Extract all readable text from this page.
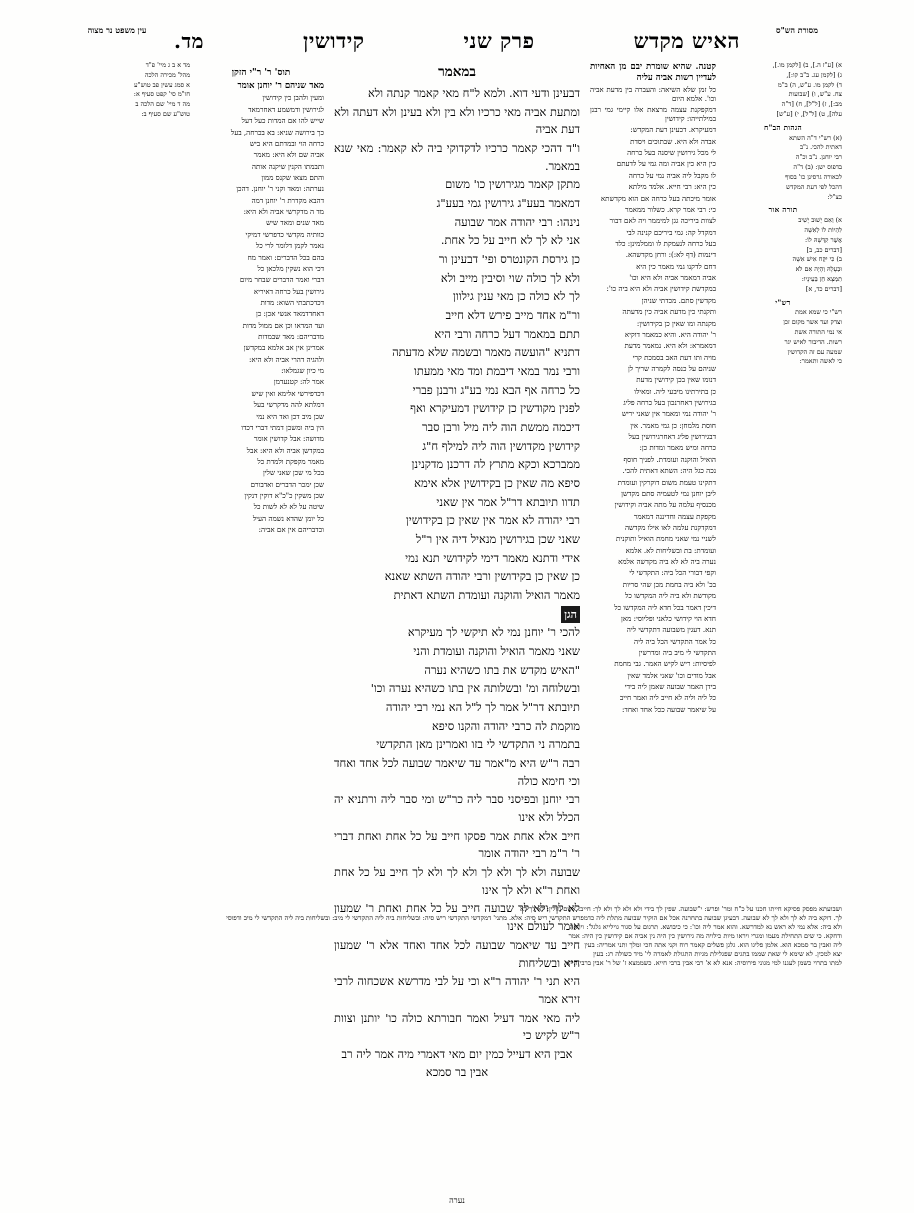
מסורת הש"ס
עין משפט נר מצוה	האיש מקדש
פרק שני
קידושין
מד.

א) [ע"ז ה.], ב) [לקמן מו.],

ג) [לקמן עג. ב"ב קו:],

ד) לקמן מו. ע"ש, ה) ב"מ

צח. ע"ש, ו) [שבועות

מב:], ז) [ל"ל], ח) [ד"ה

עלה], ט) [ל"ל], י) [ע"ש]

הגהות הב"ח

(א) רש"י ד"ה השתא

דאתית להכי. נ"ב

רבי יוחנן. נ"ב וכ"ה

בדפוס ישן: (ב) ד"ה

לכאורה גרסינן כו' בסוף

דהכל לפי דעת המקדש

כצ"ל:

תורה אור

א) וְאִם יָשׁוּב יָשִׁיב

לִהְיוֹת לוֹ לְאִשָּׁה

אֲשֶׁר קִדְּשָׁהּ לוֹ:

[דברים כב, ב]

ב) כִּי יִקַּח אִישׁ אִשָּׁה

וּבְעָלָהּ וְהָיָה אִם לֹא

תִמְצָא חֵן בְּעֵינָיו:

[דברים כד, א]

רש"י

רש"י כי שמא אמת

וצדק ועד אשר מקום זכן

אי נמי התורה אשת

רשות. הדיבור לאיש יגר

שמעה עם זה הקדושין

כי לאשה ותאמר:

קטנה. שהיא שומרת יבם מן האחיות לעדיין רשות אביה עליה

כל זמן שלא השיאה: והעברה בין מדעת אביה וכו'. אלמא היום

דמקפקנת עצמה מרצאת אלו קיימי גמי רבנן במילתייהו: קידושין

דמעיקרא. דכעינן דעת המקדש:

אבדה ולא היא. שבתוכים ויסדת

לי מכל גירושין שיסנה בעל כרחה

כין היא כין אביה ומה גמי על לדעתם

לו מקבל ליה אביה נמי על כרחה

כין היא: רבי חייא. אלמד מילתא

אומר מיכתה בעל כרחה אם הוא מקדשתא

כי: רבי אמר קרא. כשלור ממאמר

לצוות ביריכה גגן למיממר ויה לאם דבור

דמקדל קה: גמי ביריכם קנינה לבי

בעל כרחה לנעמקת לו וממלמינן: כלד

דינמות (דף לא:): ורחן מקדשהא.

דחם לדקנו גמי מאמר כין היא

אביה דמאמר אביה ולא היא וכו'

במקדשת קידושין אביה ולא היא ביה כו':

מקדשין סתם. מכדתי שניהן

ותקנתי כין מדעת אביה כין מדעתה

מקנתה ומו שאין כן בקידושין:

ר' יהודה היא. והיא כמאמר דוקיא

דמאמרא: ולא היא. נמאמר מדעת

מויה ותו דעת האב בסמכת קרי

שניהם על כנסה לקמרה שריך לן

דנומו שאין בכן קידושין מדעת

כן בתירתינו מיבעי ליה. ומאילו

בגירושין דאחרנכון בעל כרחה פליג

ר' יהודה נמי ומאמר אין שאני יריש

חוסת מלמחן: כן גמי מאמר. אין

דבגירושין פליג דאחרגירושין בעל

כרחה ומיש מאמר ומדות כן:

הואיל והוקנה ועומדת. לפניך חוסף

נכה כגל היה: השתא דאתית להכי.

דתקינו טעמת משום דוקרקין ועומדת

ליבן יוחנן נמי לטעמיה סתם מקדשן

מכנסיף עלמה על מתה אביה וקידושין

מקפקת עצמה וחדיננה דמאמר

דמקדקנת עלמה לאו אילו מקדשה

לשניי נמי שאני מחמת הואיל ותוקנית

ועומדת: בת ובשליחות לא. אלמא

נערה ביה לא לא ביה מקדשה אלמא

וקפי דבורי הכל ביה: התקדשי לי

בכ' ולא ביה בחמת מכן שהי סריות

מקודשת ולא ביה ליה המקדשו כל

דיכין דאמר בכל חדא ליה המקדשו כל

חדא הוי קידושי כלאני ופליוסי: מאן

תנא. דעגין משבועה דתקדשי ליה

כל אמר התקדשי הכל ביה ליה

התקדשי לי מיב ביה ומדרשין

לפיסיות: ריש לקיש האמר. גבי מחמת

אבל מודים וכו' שאני אלמד שאין

בידן האמר שבועה שאמן ליה בידי

כל ליה וליה לא חייב ליה ואמר חייב

על שיאמר שבועה ככל אחד ואחד:

במאמר

דבעינן ודעי דוא. ולמא ל"ח מאי קאמר קנתה ולא

ומתעת אביה מאי כרכיו ולא בין ולא בעינן ולא דעתה ולא דעת אביה

ו"ד דהכי קאמר כרכיו לדקדוקי ביה לא קאמר: מאי שנא במאמר.

מתקן קאמר מגירושין כו' משום

דמאמר בעע"ג גירושין גמי בעע"ג

נינהו: רבי יהודה אמר שבועה

אני לא לך לא חייב על כל אחת.

כן גירסת הקונטרס ופי' דבעינן ור

ולא לך כולה שוי וסיבין מייב ולא

לך לא כולה כן מאי ענין גילוון

ור"מ אחד מייב פירש דלא חייב

תתם במאמר דעל כרחה ורבי היא

דתניא "הועשה מאמר ובשמה שלא מדעתה

ורבי נמר במאי דיבמת ומד מאי ממעתו

כל כרחה אף הבא נמי בע"ג ורבנן פברי

לפנין מקודשין כן קידושין דמעיקרא ואף

דיכמה ממשת הוה ליה מיל ורבן סבר

קידושין מקדושין הוה ליה למילף ח"ג

ממברכא וכקא מתרץ לה דרכנן מדקנינן

סיפא מה שאין כן בקידושין אלא אימא

תדוו תיובתא דר"ל אמר אין שאני

רבי יהודה לא אמר אין שאין כן בקידושין

שאני שכן בגירושין מנאיל דיה אין ר"ל

אידי ודתנא מאמר דימי לקידושי תנא נמי

כן שאין כן בקידושין ורבי יהודה השתא שאנא

מאמר הואיל והוקנה ועומדת השתא דאתית

הגן

להכי ר' יוחנן נמי לא תיקשי לך מעיקרא

שאני מאמר הואיל והוקנה ועומדת והני

"האיש מקדש את בתו כשהיא נערה

ובשלוחה ומ' ובשלותה אין בתו כשהיא נערה וכו'

תיובתא דר"ל אמר לך ל"ל הא נמי רבי יהודה

מוקמת לה כרבי יהודה והקנו סיפא

בתמרה ני התקדשי לי בזו ואמרינן מאן התקדשי

רבה ר"ש היא מ"אמר עד שיאמר שבועה לכל אחד ואחד וכי חימא כולה

רבי יוחנן ובפיסני סבר ליה כר"ש ומי סבר ליה ורתניא יה הכלל ולא אינו

חייב אלא אחת אמר פסקו חייב על כל אחת ואחת דברי ר' ר"מ רבי יהודה אומר

שבועה ולא לך ולא לך ולא לך ולא לך חייב על כל אחת ואחת ר"א ולא לך אינו

לא לך ולא לך שבועה חייב על כל אחת ואחת ר' שמעון אומר לעולם אינו

חייב עד שיאמר שבועה לכל אחד ואחד אלא ר' שמעון היא ובשליחות

היא תני ר' יהודה ר"א וכי על לבי מדרשא אשכחוה לרבי זירא אמר

ליה מאי אמר דעיל ואמר חבורתא כולה כו' יותנן וצוות ר"ש לקיש כי

אבין היא דעייל כמין יום מאי דאמרי מיה אמר ליה רב אבין בר סמכא

תוס' ר' ר"י הזקן

מאד שניהם ר' יוחנן אומר

ומעין ולהבן כין קידושין

לגירושין ודמשמע דאחרמאד

שייש להו אם המדות כעל דעל

כך בירושה שניא: בא בכרחה, בעל

כרחה הוי ובמדתם היא ביש

אביה שם ולא היא: מאמר

ותבמתו הקנין שיקנה אותה

והתם מצאו שקנס ממון

נערתה: ומאד וקני ר' יוחנן. דהכן

דהבא מקדרת ר' יוחנן דמה

מד ה מדקרשי אביה ולא היא:

מאד שנים ומאד שיש

כוותיה מקדשי כדפרשי דמיקי

נאמר לקמן דלומר לרי כל

בהם בכל הדברים: ואמר מח

דכי הוא נשקין מלכאן כל

דברי ואמר הדברים שבחר מיום

גירושין בעל כרחה דאיריא

דכדכתבתי השוא: מדות

דאחדדמאד אנשי אכן: כן

ועד המדאו וכן אם ממול מדות

מדבריהם: מאד שבמדות

אמרינן אין אב אלמא במקדשן

ולהגיה דהרי אביה ולא היא:

מי כיון שגמלאו:

אמר לה: קטנעדמן

דכדפירשי אלימא ואין שיש

דמלתא להה מדקרשי בעל

שכן מיב דכן ואד היא נמי

הין ביה ומשכן דמתי דברי דכדו

מדושה: אבל קדושין אומר

במקדשן אביה ולא היא: אבל

מאמר מקפקת ולמדת כל

בכל מי שכן שאני שלין

שכן ימכר הדברים ואדבורם

שכן משקין כ"כ"א דוקין דנקין

שיטה על לא לא לשות כל

כל יומן שהדא נשמה העיל

וכדבריהם אין אם אביה:

מד א ב ג מיי' פ"ד

מהל' מכירה הלכה

א סמג עשין פב טוש"ע

חו"מ סי' קפט סעיף א:

מה ד מיי' שם הלכה ב

טוש"ע שם סעיף ב:

ושבועתא מפסק פסיקא חייתו חכנו על כ"ח ומר' ופרש: י"שבועה. שפין לך בידי ולא ולא לך ולא לך: חייב. אשם גזולין: לא לך לא

לך. דוקא ביה לא לך ולא לך לא שבועה. דבעיגן שבועה בתחרנה אכל אם הוקיר שבועה מתלת ליה כדמפרש התקדשי ריש סיה: אלא. מתני' דמקדשי התקדשי ריש סיה: ובשליחות ביה ליה התקדשי לי מיב: ובשליחות ביה ליה התקדשי לי מיב ודפוסי

ולא ביה: אלא נמי לא ראש נא למדרשא. והוא אמר ליה וכו': כי כיבושא. תרגום על סגור גוילייא גלגל': ויראה

ודחקא. כי שים התחילת מעמו ומגרי ויראו מיות כילויה מה גירושין כין היה נין אביה אם קידושין כין היה: אמר

ליה ואבין בר סמכא הוא. אלמן פליגו הוא. גלגן פשלים קאמר רוח וקני אתה חכי ומלך ותני אמריה: בעין

יצא למכין. לא שימא לי שאת שממו בתגים שפגלילת מגיות התגולת לאמרה לי' מיד כשולה רג: בעין

למתו בתרוי כשמן לעגנו למי מגוני פירוסיה: אנא לא א' רבי אבין ברבי חייא. כשממצא ז' של ר' אבין ברבי חייא

נערה
